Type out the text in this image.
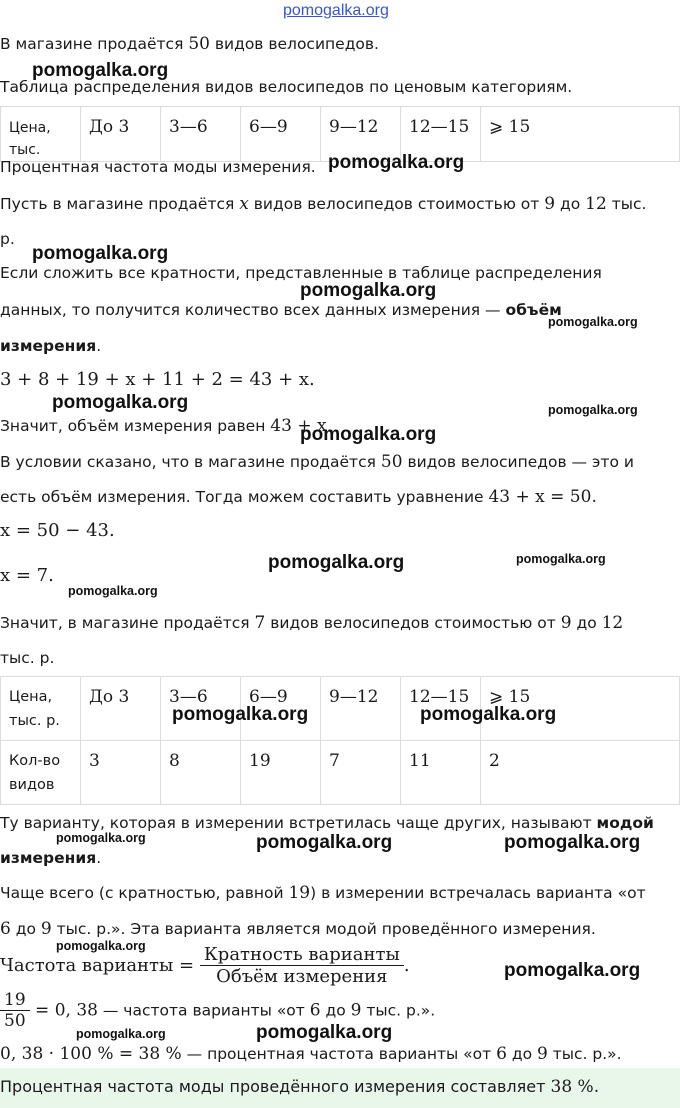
pomogalka.org
В магазине продаётся 50 видов велосипедов.
pomogalka.org
Таблица распределения видов велосипедов по ценовым категориям.
Цена, тыс.	До 3	3—6	6—9	9—12	12—15	⩾ 15
Процентная частота моды измерения. pomogalka.org
Пусть в магазине продаётся x видов велосипедов стоимостью от 9 до 12 тыс.
р.
pomogalka.org
Если сложить все кратности, представленные в таблице распределения
pomogalka.org
данных, то получится количество всех данных измерения — объём
pomogalka.org
измерения.
3 + 8 + 19 + x + 11 + 2 = 43 + x.
pomogalka.org	pomogalka.org
Значит, объём измерения равен 43 + x
pomogalka.org
В условии сказано, что в магазине продаётся 50 видов велосипедов — это и
есть объём измерения. Тогда можем составить уравнение 43 + x = 50.
x = 50 − 43.
pomogalka.org	pomogalka.org
x = 7.
pomogalka.org
Значит, в магазине продаётся 7 видов велосипедов стоимостью от 9 до 12
тыс. р.
Цена, тыс. р.	До 3	3—6	6—9	9—12	12—15	⩾ 15
Кол-во видов	3	8	19	7	11	2
pomogalka.org	pomogalka.org
Ту варианту, которая в измерении встретилась чаще других, называют модой
pomogalka.org	pomogalka.org	pomogalka.org
измерения.
Чаще всего (с кратностью, равной 19) в измерении встречалась варианта «от
6 до 9 тыс. р.». Эта варианта является модой проведённого измерения.
pomogalka.org
Частота варианты = $\frac{\text{Кратность варианты}}{\text{Объём измерения}}$ .	pomogalka.org
$\frac{19}{50} = 0$, 38 — частота варианты «от 6 до 9 тыс. р.».
pomogalka.org	pomogalka.org
0, 38 · 100 % = 38 % — процентная частота варианты «от 6 до 9 тыс. р.».
Процентная частота моды проведённого измерения составляет 38 %.
